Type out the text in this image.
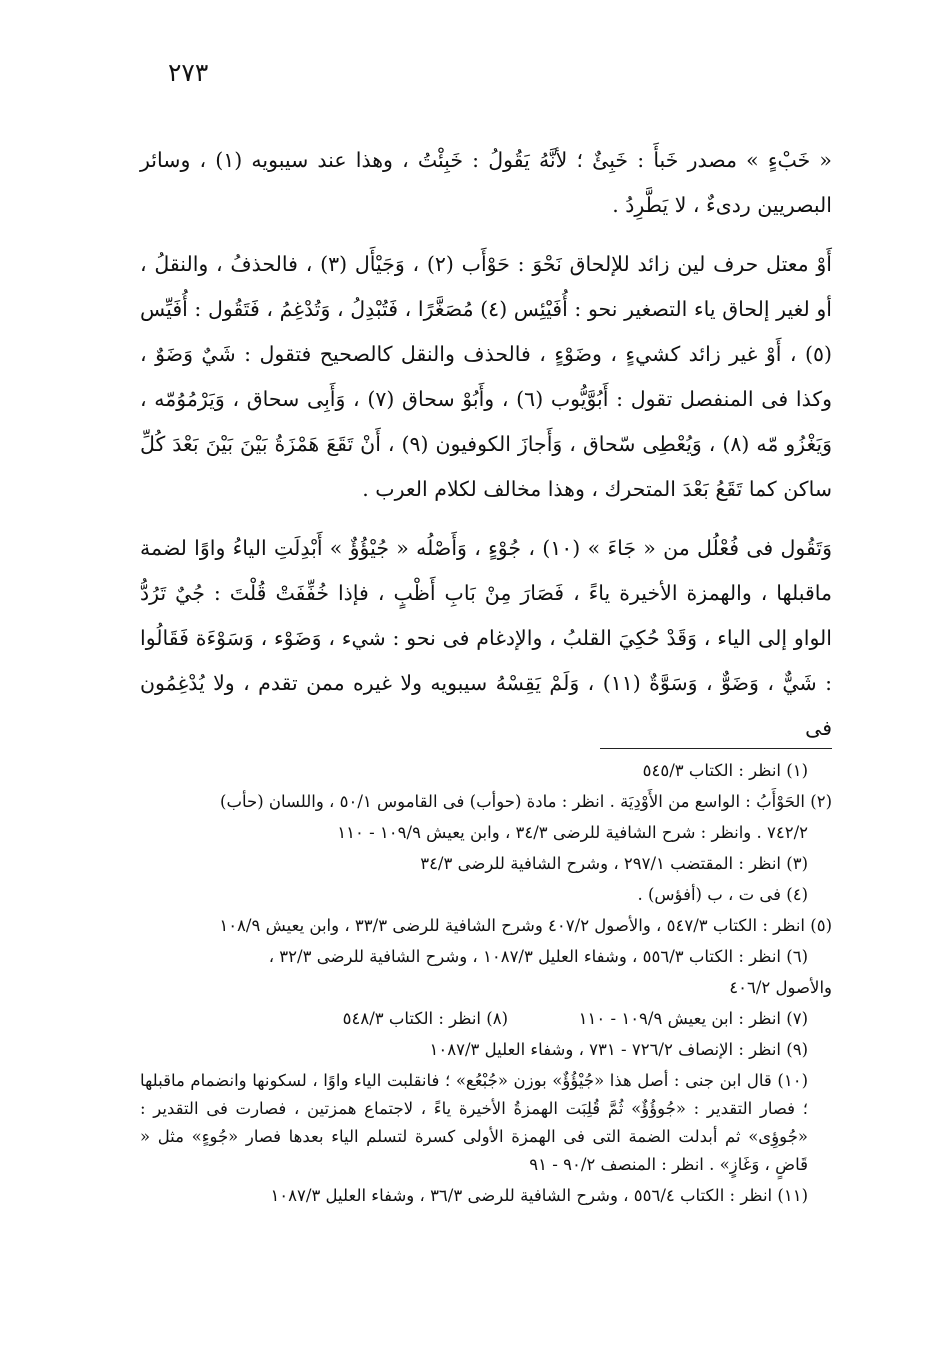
٢٧٣

« خَبْءٍ » مصدر خَبأَ : خَبِئٌ ؛ لأنَّهُ يَقُولُ : خَبِئْتُ ، وهذا عند سيبويه (١) ، وسائر البصريين ردىءٌ ، لا يَطَّرِدُ .

أَوْ معتل حرف لين زائد للإلحاق نَحْوَ : حَوْأَب (٢) ، وَجَيْأَل (٣) ، فالحذفُ ، والنقلُ ، أو لغير إلحاق ياء التصغير نحو : أُفَيْئِس (٤) مُصَغَّرًا ، فَتُبْدِلُ ، وَتُدْغِمُ ، فَتَقُول : أُفَيِّس (٥) ، أَوْ غير زائد كشيءٍ ، وضَوْءٍ ، فالحذف والنقل كالصحيح فتقول : شَيٌ وَضَوٌ ، وكذا فى المنفصل تقول : أَبُوَّيُّوب (٦) ، وأَبُوْ سحاق (٧) ، وَأَبِى سحاق ، وَيَرْمُوُمّه ، وَيَغْزُو مّه (٨) ، وَيُعْطِى سّحاق ، وَأَجازَ الكوفيون (٩) ، أَنْ تَقَعَ هَمْزَةُ بَيْنَ بَيْنَ بَعْدَ كُلِّ ساكن كما تَقَعُ بَعْدَ المتحرك ، وهذا مخالف لكلام العرب .

وَتَقُول فى فُعْلُل من « جَاءَ » (١٠) ، جُوْءٍ ، وَأَصْلُه « جُيْؤُؤٌ » أَبْدِلَتِ الياءُ واوًا لضمة ماقبلها ، والهمزة الأخيرة ياءً ، فَصَارَ مِنْ بَابِ أَظْبٍ ، فإذا خُفِّفَتْ قُلْتَ : جُيٌ تَرُدُّ الواو إلى الياء ، وَقَدْ حُكِيَ القلبُ ، والإدغام فى نحو : شيء ، وَضَوْء ، وَسَوْءَة فَقَالُوا : شَيٌّ ، وَضَوٌّ ، وَسَوَّةٌ (١١) ، وَلَمْ يَقِسْهُ سيبويه ولا غيره ممن تقدم ، ولا يُدْغِمُون فى

(١) انظر : الكتاب ٥٤٥/٣

(٢) الحَوْأَبُ : الواسع من الأَوْدِيَة . انظر : مادة (حوأب) فى القاموس ٥٠/١ ، واللسان (حأب)

٧٤٢/٢ . وانظر : شرح الشافية للرضى ٣٤/٣ ، وابن يعيش ١٠٩/٩ - ١١٠

(٣) انظر : المقتضب ٢٩٧/١ ، وشرح الشافية للرضى ٣٤/٣

(٤) فى ت ، ب (أفؤس) .

(٥) انظر : الكتاب ٥٤٧/٣ ، والأصول ٤٠٧/٢ وشرح الشافية للرضى ٣٣/٣ ، وابن يعيش ١٠٨/٩

(٦) انظر : الكتاب ٥٥٦/٣ ، وشفاء العليل ١٠٨٧/٣ ، وشرح الشافية للرضى ٣٢/٣ ،

والأصول ٤٠٦/٢

(٧) انظر : ابن يعيش ١٠٩/٩ - ١١٠
(٨) انظر : الكتاب ٥٤٨/٣

(٩) انظر : الإنصاف ٧٢٦/٢ - ٧٣١ ، وشفاء العليل ١٠٨٧/٣

(١٠) قال ابن جنى : أصل هذا «جُيْؤُؤٌ» بوزن «جُبْعُع» ؛ فانقلبت الياء واوًا ، لسكونها وانضمام ماقبلها ؛ فصار التقدير : «جُوؤُؤٌ» ثُمَّ قُلِبَت الهمزةُ الأخيرة ياءً ، لاجتماع همزتين ، فصارت فى التقدير : «جُوؤِى» ثم أبدلت الضمة التى فى الهمزة الأولى كسرة لتسلم الياء بعدها فصار «جُوءٍ» مثل « قَاضٍ ، وَغَازٍ» . انظر : المنصف ٩٠/٢ - ٩١

(١١) انظر : الكتاب ٥٥٦/٤ ، وشرح الشافية للرضى ٣٦/٣ ، وشفاء العليل ١٠٨٧/٣
